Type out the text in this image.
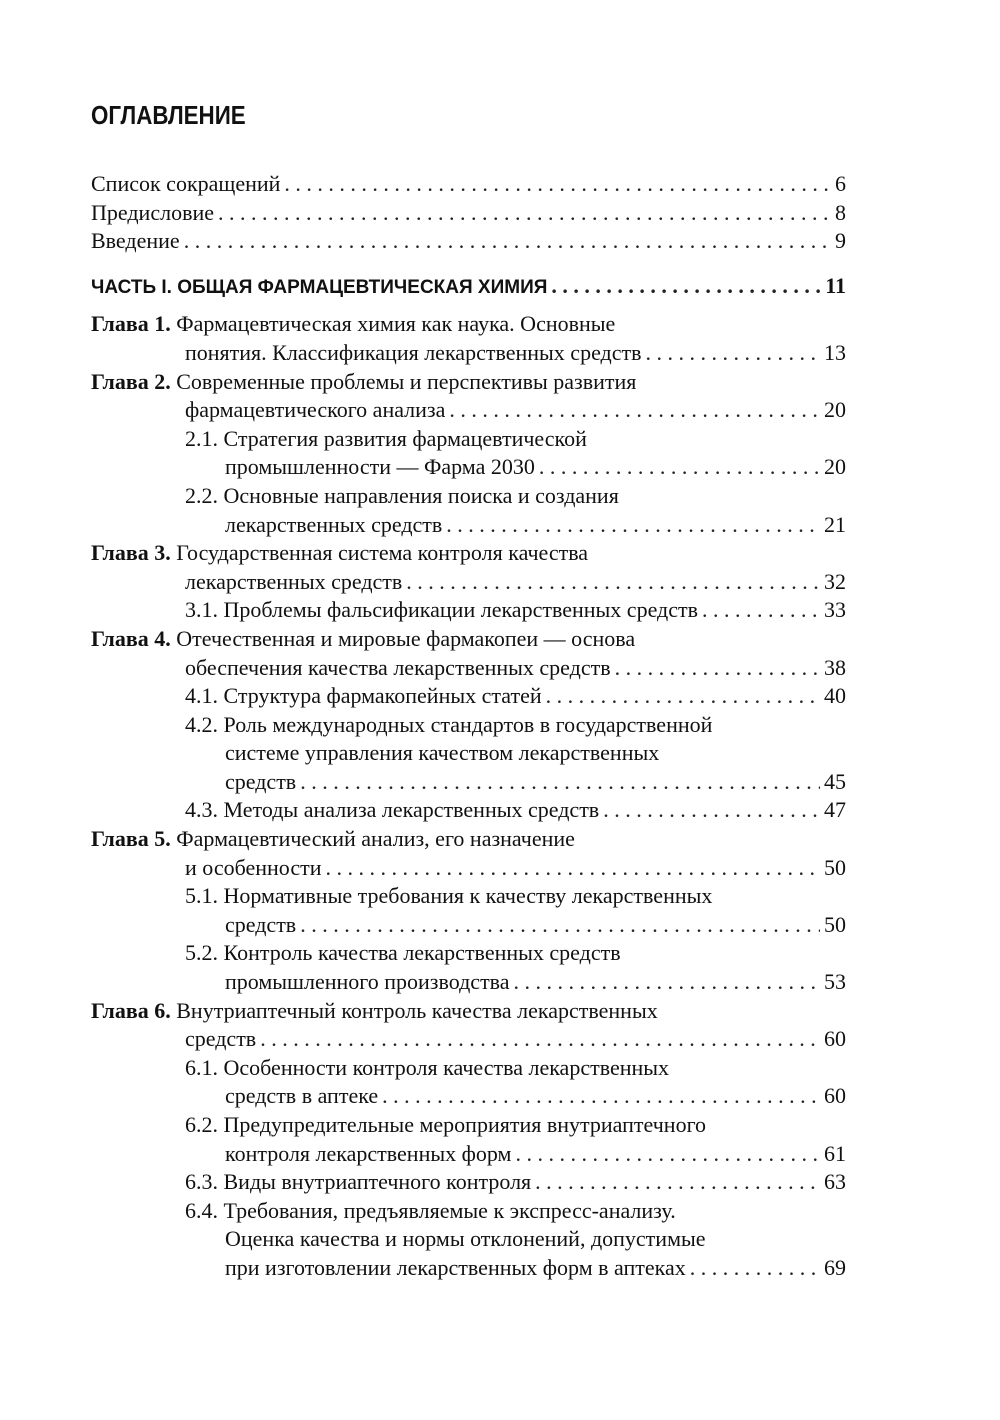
ОГЛАВЛЕНИЕ
Список сокращений . . .	6
Предисловие . . .	8
Введение . . .	9
ЧАСТЬ I. ОБЩАЯ ФАРМАЦЕВТИЧЕСКАЯ ХИМИЯ . . .	11
Глава 1.
Фармацевтическая химия как наука. Основные
понятия. Классификация лекарственных средств . . .	13
Глава 2.
Современные проблемы и перспективы развития
фармацевтического анализа . . .	20
2.1. Стратегия развития фармацевтической
промышленности — Фарма 2030 . . .	20
2.2. Основные направления поиска и создания
лекарственных средств . . .	21
Глава 3.
Государственная система контроля качества
лекарственных средств . . .	32
3.1. Проблемы фальсификации лекарственных средств . . .	33
Глава 4.
Отечественная и мировые фармакопеи — основа
обеспечения качества лекарственных средств . . .	38
4.1. Структура фармакопейных статей . . .	40
4.2. Роль международных стандартов в государственной
системе управления качеством лекарственных
средств . . .	45
4.3. Методы анализа лекарственных средств . . .	47
Глава 5.
Фармацевтический анализ, его назначение
и особенности . . .	50
5.1. Нормативные требования к качеству лекарственных
средств . . .	50
5.2. Контроль качества лекарственных средств
промышленного производства . . .	53
Глава 6.
Внутриаптечный контроль качества лекарственных
средств . . .	60
6.1. Особенности контроля качества лекарственных
средств в аптеке . . .	60
6.2. Предупредительные мероприятия внутриаптечного
контроля лекарственных форм . . .	61
6.3. Виды внутриаптечного контроля . . .	63
6.4. Требования, предъявляемые к экспресс-анализу.
Оценка качества и нормы отклонений, допустимые
при изготовлении лекарственных форм в аптеках . . .	69
